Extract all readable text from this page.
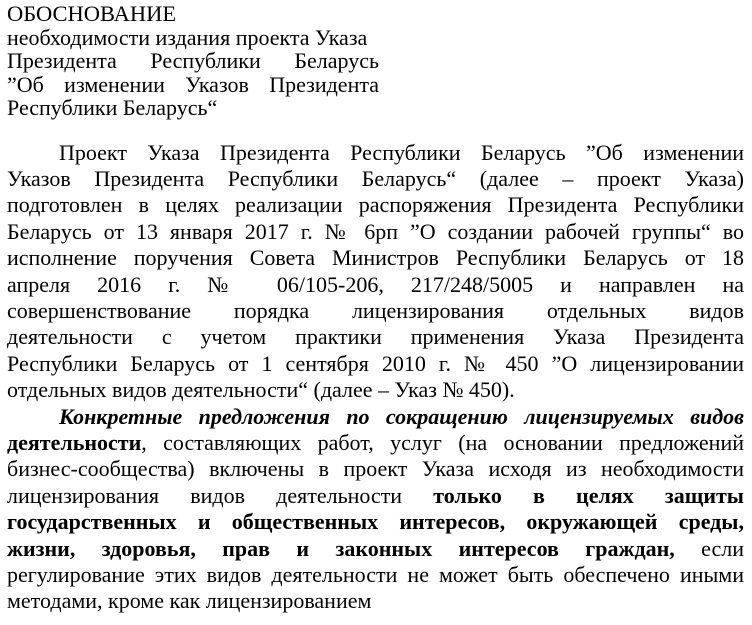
ОБОСНОВАНИЕ
необходимости издания проекта Указа
Президента Республики Беларусь
”Об изменении Указов Президента
Республики Беларусь“
Проект Указа Президента Республики Беларусь ”Об изменении
Указов Президента Республики Беларусь“ (далее – проект Указа)
подготовлен в целях реализации распоряжения Президента Республики
Беларусь от 13 января 2017 г. № 6рп ”О создании рабочей группы“ во
исполнение поручения Совета Министров Республики Беларусь от 18
апреля 2016 г. № 06/105-206, 217/248/5005 и направлен на
совершенствование порядка лицензирования отдельных видов
деятельности с учетом практики применения Указа Президента
Республики Беларусь от 1 сентября 2010 г. № 450 ”О лицензировании
отдельных видов деятельности“ (далее – Указ № 450).
Конкретные предложения по сокращению лицензируемых видов
деятельности, составляющих работ, услуг (на основании предложений
бизнес-сообщества) включены в проект Указа исходя из необходимости
лицензирования видов деятельности только в целях защиты
государственных и общественных интересов, окружающей среды,
жизни, здоровья, прав и законных интересов граждан, если
регулирование этих видов деятельности не может быть обеспечено иными
методами, кроме как лицензированием
